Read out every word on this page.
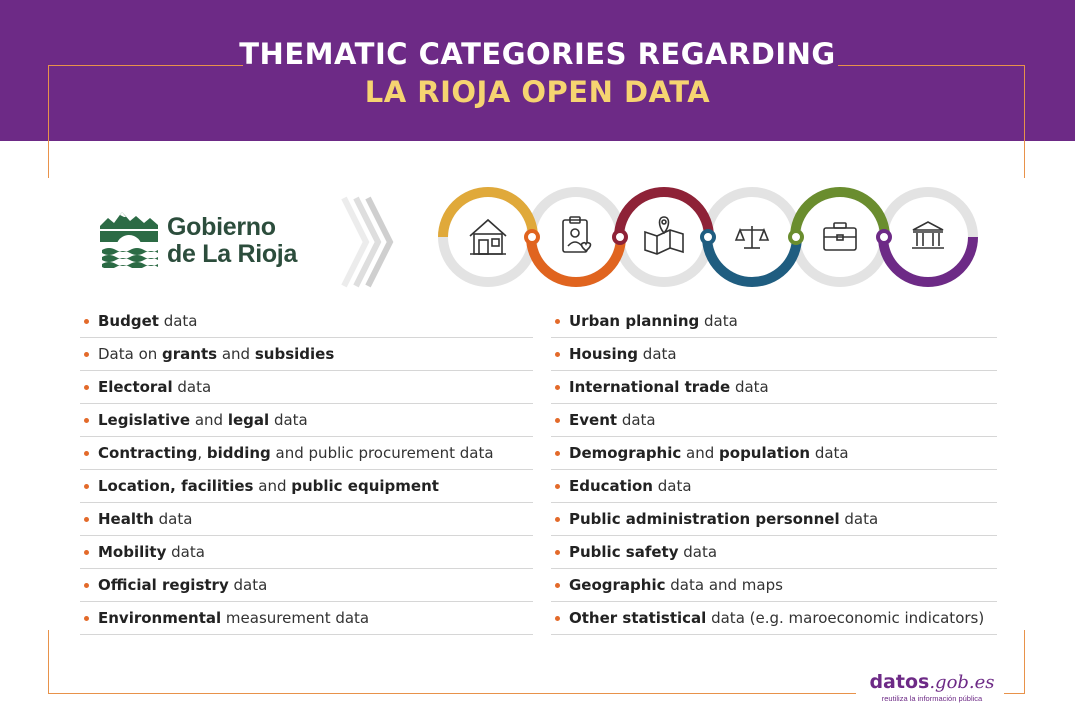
THEMATIC CATEGORIES REGARDING
LA RIOJA OPEN DATA
Gobierno
de La Rioja
Budget data
Data on grants and subsidies
Electoral data
Legislative and legal data
Contracting, bidding and public procurement data
Location, facilities and public equipment
Health data
Mobility data
Official registry data
Environmental measurement data
Urban planning data
Housing data
International trade data
Event data
Demographic and population data
Education data
Public administration personnel data
Public safety data
Geographic data and maps
Other statistical data (e.g. maroeconomic indicators)
datos.gob.es
reutiliza la información pública
